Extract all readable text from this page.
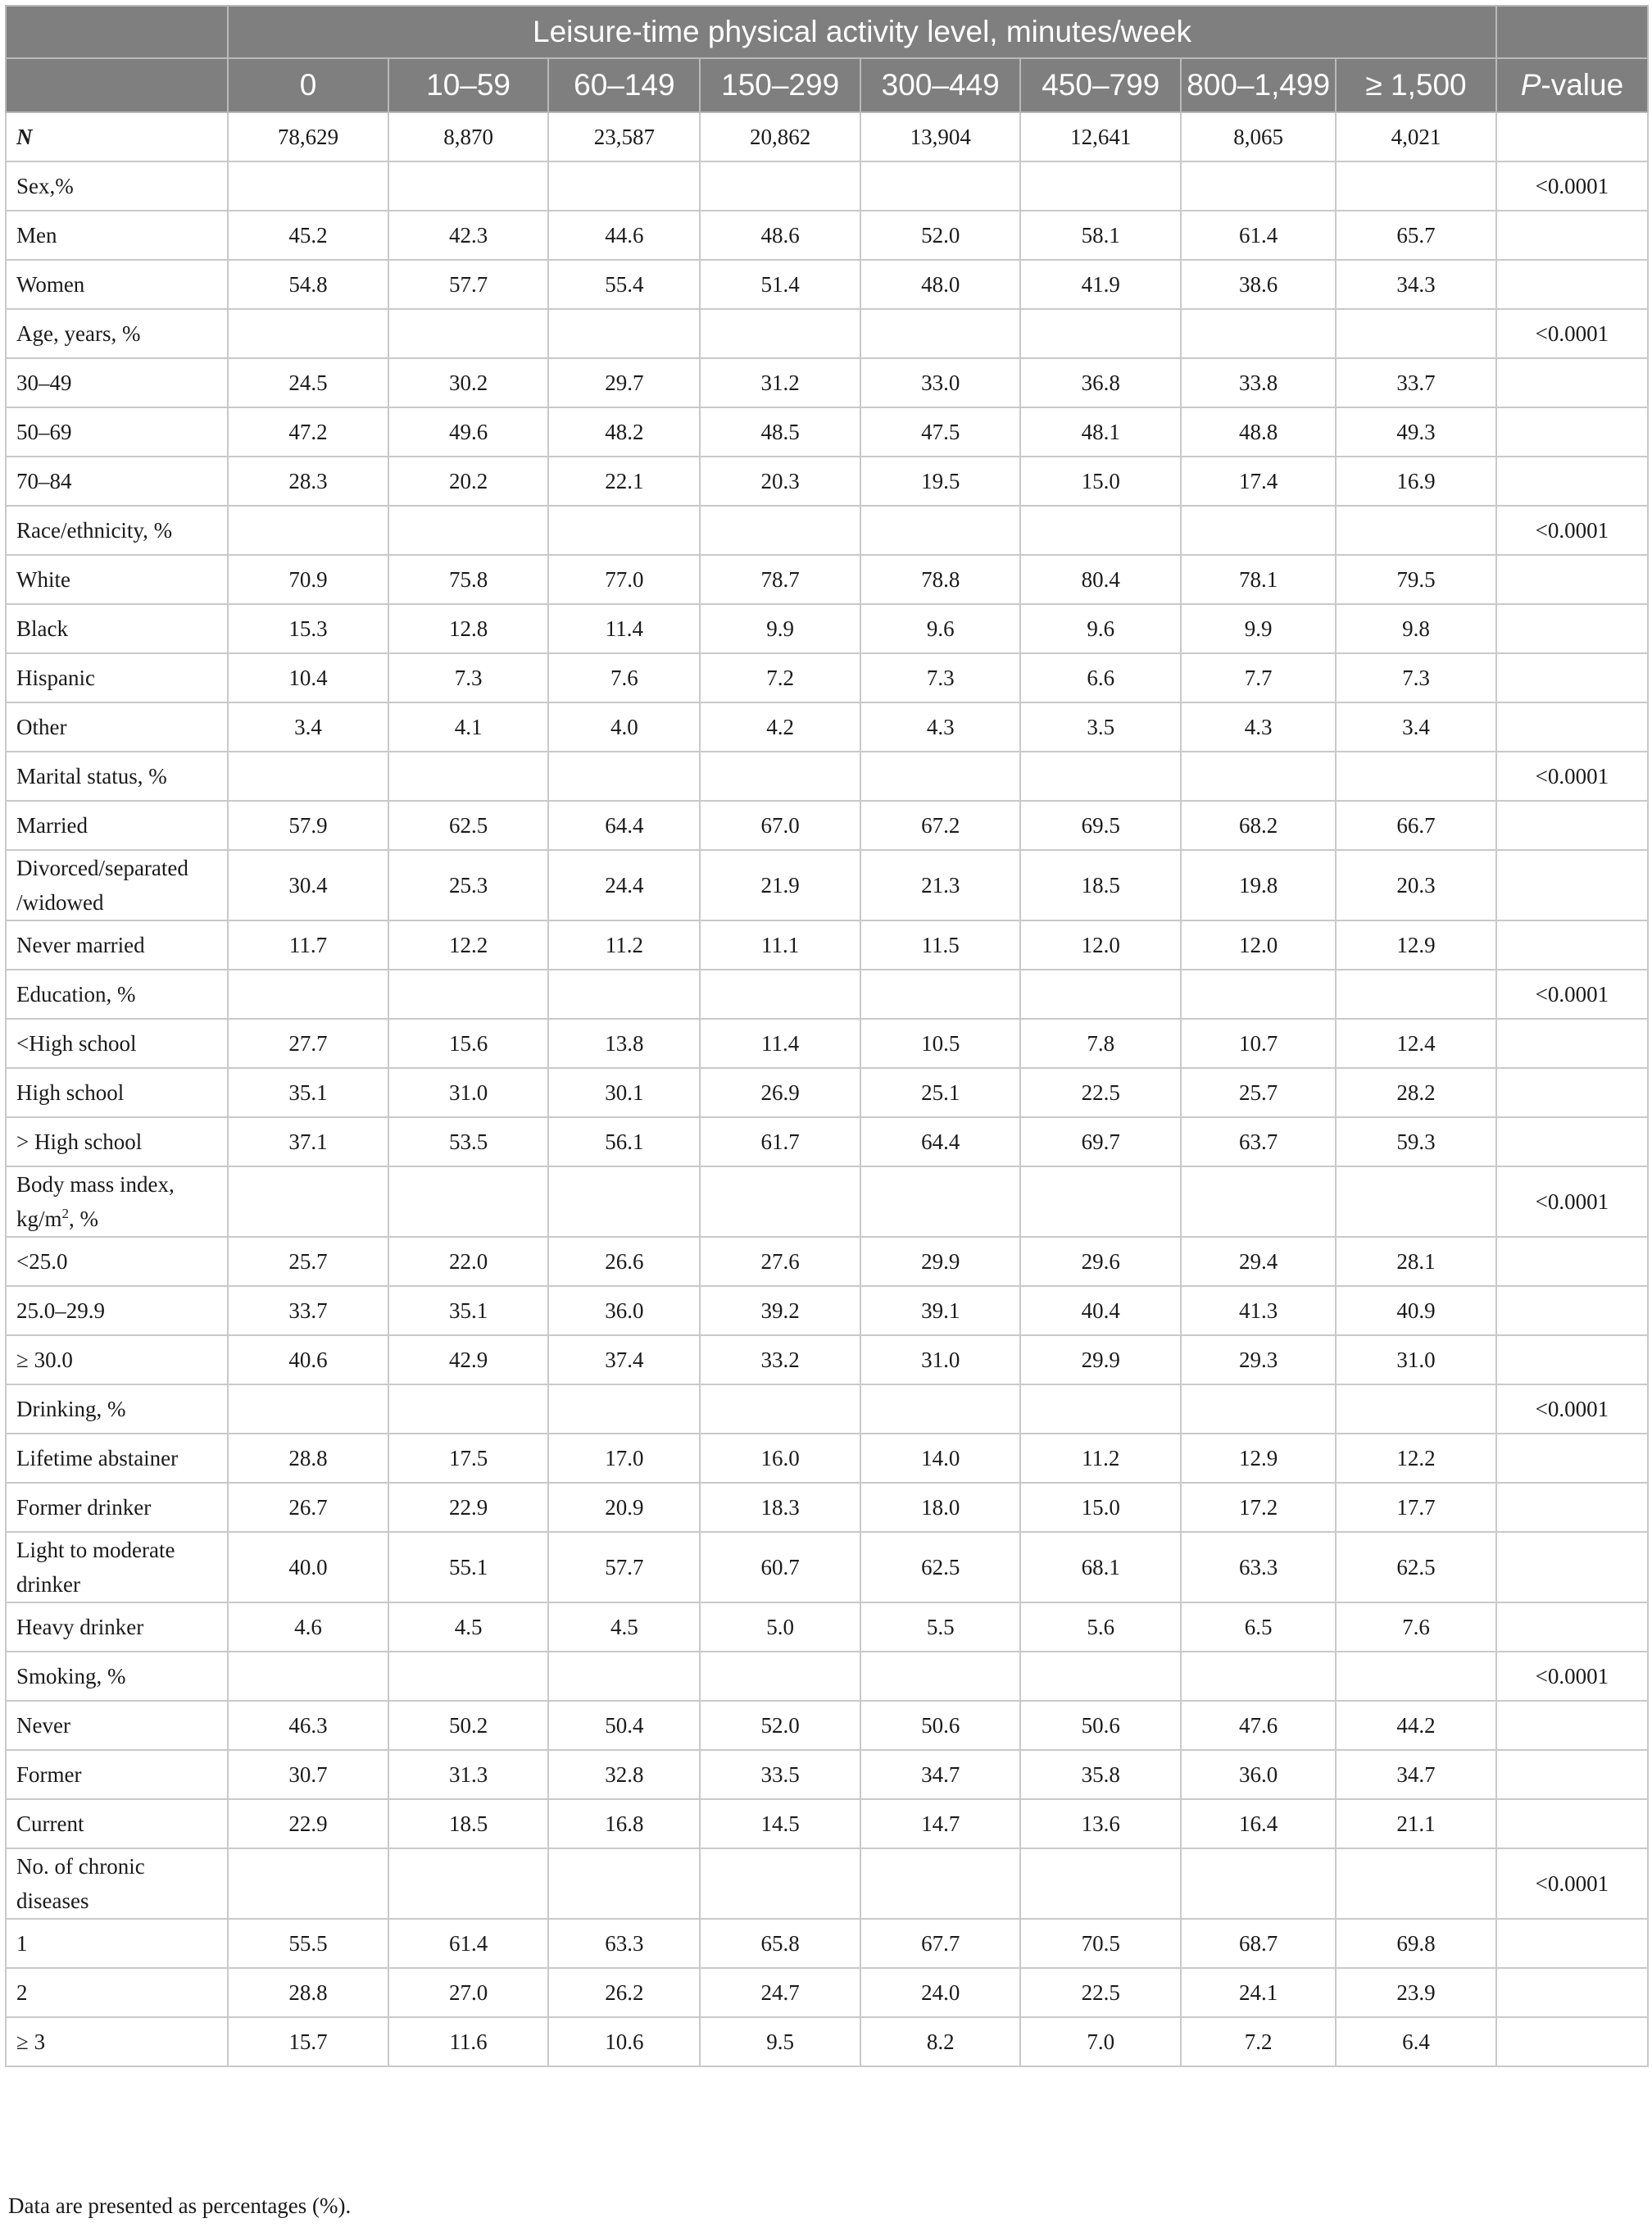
	Leisure-time physical activity level, minutes/week								
	0	10–59	60–149	150–299	300–449	450–799	800–1,499	≥ 1,500	P-value
N	78,629	8,870	23,587	20,862	13,904	12,641	8,065	4,021	
Sex,%									<0.0001
Men	45.2	42.3	44.6	48.6	52.0	58.1	61.4	65.7	
Women	54.8	57.7	55.4	51.4	48.0	41.9	38.6	34.3	
Age, years, %									<0.0001
30–49	24.5	30.2	29.7	31.2	33.0	36.8	33.8	33.7	
50–69	47.2	49.6	48.2	48.5	47.5	48.1	48.8	49.3	
70–84	28.3	20.2	22.1	20.3	19.5	15.0	17.4	16.9	
Race/ethnicity, %									<0.0001
White	70.9	75.8	77.0	78.7	78.8	80.4	78.1	79.5	
Black	15.3	12.8	11.4	9.9	9.6	9.6	9.9	9.8	
Hispanic	10.4	7.3	7.6	7.2	7.3	6.6	7.7	7.3	
Other	3.4	4.1	4.0	4.2	4.3	3.5	4.3	3.4	
Marital status, %									<0.0001
Married	57.9	62.5	64.4	67.0	67.2	69.5	68.2	66.7	
Divorced/separated /widowed	30.4	25.3	24.4	21.9	21.3	18.5	19.8	20.3	
Never married	11.7	12.2	11.2	11.1	11.5	12.0	12.0	12.9	
Education, %									<0.0001
<High school	27.7	15.6	13.8	11.4	10.5	7.8	10.7	12.4	
High school	35.1	31.0	30.1	26.9	25.1	22.5	25.7	28.2	
> High school	37.1	53.5	56.1	61.7	64.4	69.7	63.7	59.3	
Body mass index, $kg/m^2$, %									<0.0001
<25.0	25.7	22.0	26.6	27.6	29.9	29.6	29.4	28.1	
25.0–29.9	33.7	35.1	36.0	39.2	39.1	40.4	41.3	40.9	
≥ 30.0	40.6	42.9	37.4	33.2	31.0	29.9	29.3	31.0	
Drinking, %									<0.0001
Lifetime abstainer	28.8	17.5	17.0	16.0	14.0	11.2	12.9	12.2	
Former drinker	26.7	22.9	20.9	18.3	18.0	15.0	17.2	17.7	
Light to moderate drinker	40.0	55.1	57.7	60.7	62.5	68.1	63.3	62.5	
Heavy drinker	4.6	4.5	4.5	5.0	5.5	5.6	6.5	7.6	
Smoking, %									<0.0001
Never	46.3	50.2	50.4	52.0	50.6	50.6	47.6	44.2	
Former	30.7	31.3	32.8	33.5	34.7	35.8	36.0	34.7	
Current	22.9	18.5	16.8	14.5	14.7	13.6	16.4	21.1	
No. of chronic diseases									<0.0001
1	55.5	61.4	63.3	65.8	67.7	70.5	68.7	69.8	
2	28.8	27.0	26.2	24.7	24.0	22.5	24.1	23.9	
≥ 3	15.7	11.6	10.6	9.5	8.2	7.0	7.2	6.4	
Data are presented as percentages (%).
